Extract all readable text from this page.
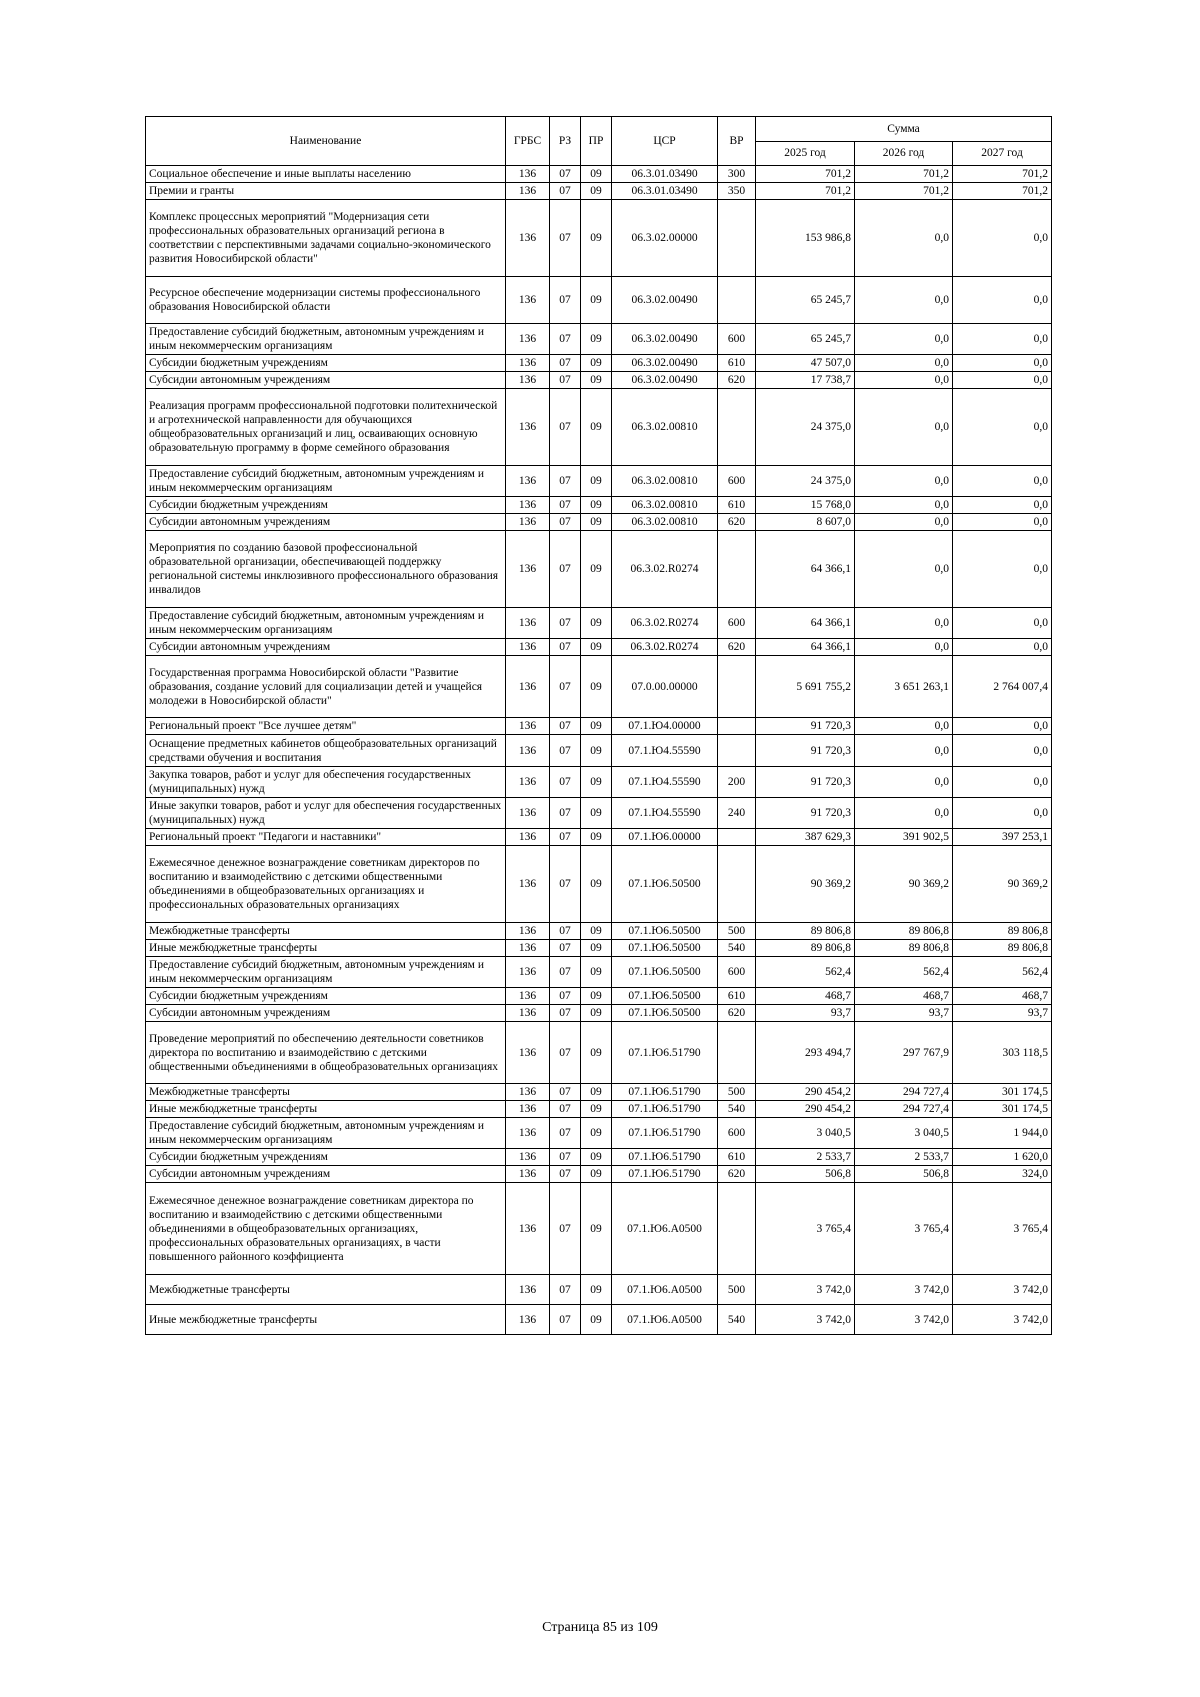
Наименование	ГРБС	РЗ	ПР	ЦСР	ВР	Сумма		
						2025 год	2026 год	2027 год
Социальное обеспечение и иные выплаты населению	136	07	09	06.3.01.03490	300	701,2	701,2	701,2
Премии и гранты	136	07	09	06.3.01.03490	350	701,2	701,2	701,2
Комплекс процессных мероприятий "Модернизация сети профессиональных образовательных организаций региона в соответствии с перспективными задачами социально-экономического развития Новосибирской области"	136	07	09	06.3.02.00000		153 986,8	0,0	0,0
Ресурсное обеспечение модернизации системы профессионального образования Новосибирской области	136	07	09	06.3.02.00490		65 245,7	0,0	0,0
Предоставление субсидий бюджетным, автономным учреждениям и иным некоммерческим организациям	136	07	09	06.3.02.00490	600	65 245,7	0,0	0,0
Субсидии бюджетным учреждениям	136	07	09	06.3.02.00490	610	47 507,0	0,0	0,0
Субсидии автономным учреждениям	136	07	09	06.3.02.00490	620	17 738,7	0,0	0,0
Реализация программ профессиональной подготовки политехнической и агротехнической направленности для обучающихся общеобразовательных организаций и лиц, осваивающих основную образовательную программу в форме семейного образования	136	07	09	06.3.02.00810		24 375,0	0,0	0,0
Предоставление субсидий бюджетным, автономным учреждениям и иным некоммерческим организациям	136	07	09	06.3.02.00810	600	24 375,0	0,0	0,0
Субсидии бюджетным учреждениям	136	07	09	06.3.02.00810	610	15 768,0	0,0	0,0
Субсидии автономным учреждениям	136	07	09	06.3.02.00810	620	8 607,0	0,0	0,0
Мероприятия по созданию базовой профессиональной образовательной организации, обеспечивающей поддержку региональной системы инклюзивного профессионального образования инвалидов	136	07	09	06.3.02.R0274		64 366,1	0,0	0,0
Предоставление субсидий бюджетным, автономным учреждениям и иным некоммерческим организациям	136	07	09	06.3.02.R0274	600	64 366,1	0,0	0,0
Субсидии автономным учреждениям	136	07	09	06.3.02.R0274	620	64 366,1	0,0	0,0
Государственная программа Новосибирской области "Развитие образования, создание условий для социализации детей и учащейся молодежи в Новосибирской области"	136	07	09	07.0.00.00000		5 691 755,2	3 651 263,1	2 764 007,4
Региональный проект "Все лучшее детям"	136	07	09	07.1.Ю4.00000		91 720,3	0,0	0,0
Оснащение предметных кабинетов общеобразовательных организаций средствами обучения и воспитания	136	07	09	07.1.Ю4.55590		91 720,3	0,0	0,0
Закупка товаров, работ и услуг для обеспечения государственных (муниципальных) нужд	136	07	09	07.1.Ю4.55590	200	91 720,3	0,0	0,0
Иные закупки товаров, работ и услуг для обеспечения государственных (муниципальных) нужд	136	07	09	07.1.Ю4.55590	240	91 720,3	0,0	0,0
Региональный проект "Педагоги и наставники"	136	07	09	07.1.Ю6.00000		387 629,3	391 902,5	397 253,1
Ежемесячное денежное вознаграждение советникам директоров по воспитанию и взаимодействию с детскими общественными объединениями в общеобразовательных организациях и профессиональных образовательных организациях	136	07	09	07.1.Ю6.50500		90 369,2	90 369,2	90 369,2
Межбюджетные трансферты	136	07	09	07.1.Ю6.50500	500	89 806,8	89 806,8	89 806,8
Иные межбюджетные трансферты	136	07	09	07.1.Ю6.50500	540	89 806,8	89 806,8	89 806,8
Предоставление субсидий бюджетным, автономным учреждениям и иным некоммерческим организациям	136	07	09	07.1.Ю6.50500	600	562,4	562,4	562,4
Субсидии бюджетным учреждениям	136	07	09	07.1.Ю6.50500	610	468,7	468,7	468,7
Субсидии автономным учреждениям	136	07	09	07.1.Ю6.50500	620	93,7	93,7	93,7
Проведение мероприятий по обеспечению деятельности советников директора по воспитанию и взаимодействию с детскими общественными объединениями в общеобразовательных организациях	136	07	09	07.1.Ю6.51790		293 494,7	297 767,9	303 118,5
Межбюджетные трансферты	136	07	09	07.1.Ю6.51790	500	290 454,2	294 727,4	301 174,5
Иные межбюджетные трансферты	136	07	09	07.1.Ю6.51790	540	290 454,2	294 727,4	301 174,5
Предоставление субсидий бюджетным, автономным учреждениям и иным некоммерческим организациям	136	07	09	07.1.Ю6.51790	600	3 040,5	3 040,5	1 944,0
Субсидии бюджетным учреждениям	136	07	09	07.1.Ю6.51790	610	2 533,7	2 533,7	1 620,0
Субсидии автономным учреждениям	136	07	09	07.1.Ю6.51790	620	506,8	506,8	324,0
Ежемесячное денежное вознаграждение советникам директора по воспитанию и взаимодействию с детскими общественными объединениями в общеобразовательных организациях, профессиональных образовательных организациях, в части повышенного районного коэффициента	136	07	09	07.1.Ю6.А0500		3 765,4	3 765,4	3 765,4
Межбюджетные трансферты	136	07	09	07.1.Ю6.А0500	500	3 742,0	3 742,0	3 742,0
Иные межбюджетные трансферты	136	07	09	07.1.Ю6.А0500	540	3 742,0	3 742,0	3 742,0
Страница 85 из 109
